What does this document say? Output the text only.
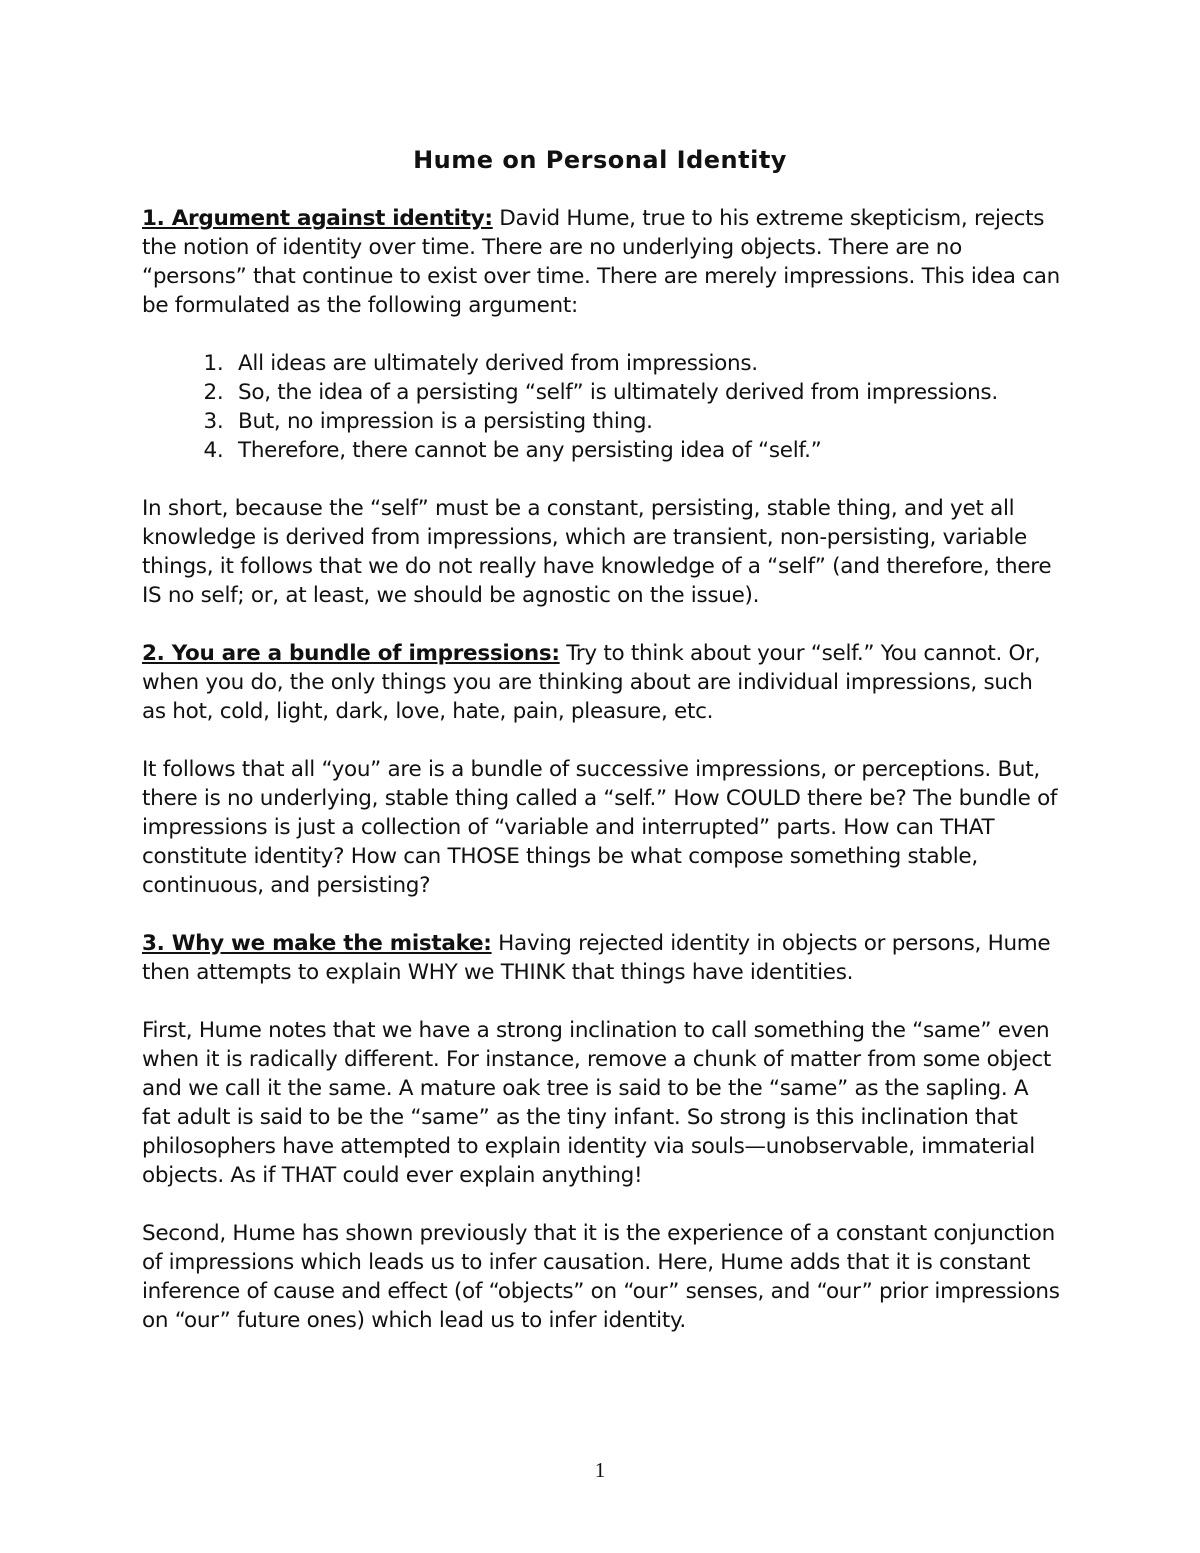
Hume on Personal Identity

1. Argument against identity: David Hume, true to his extreme skepticism, rejects the notion of identity over time. There are no underlying objects. There are no “persons” that continue to exist over time. There are merely impressions. This idea can be formulated as the following argument:

1. All ideas are ultimately derived from impressions.
2. So, the idea of a persisting “self” is ultimately derived from impressions.
3. But, no impression is a persisting thing.
4. Therefore, there cannot be any persisting idea of “self.”

In short, because the “self” must be a constant, persisting, stable thing, and yet all knowledge is derived from impressions, which are transient, non-persisting, variable things, it follows that we do not really have knowledge of a “self” (and therefore, there IS no self; or, at least, we should be agnostic on the issue).

2. You are a bundle of impressions: Try to think about your “self.” You cannot. Or, when you do, the only things you are thinking about are individual impressions, such as hot, cold, light, dark, love, hate, pain, pleasure, etc.

It follows that all “you” are is a bundle of successive impressions, or perceptions. But, there is no underlying, stable thing called a “self.” How COULD there be? The bundle of impressions is just a collection of “variable and interrupted” parts. How can THAT constitute identity? How can THOSE things be what compose something stable, continuous, and persisting?

3. Why we make the mistake: Having rejected identity in objects or persons, Hume then attempts to explain WHY we THINK that things have identities.

First, Hume notes that we have a strong inclination to call something the “same” even when it is radically different. For instance, remove a chunk of matter from some object and we call it the same. A mature oak tree is said to be the “same” as the sapling. A fat adult is said to be the “same” as the tiny infant. So strong is this inclination that philosophers have attempted to explain identity via souls—unobservable, immaterial objects. As if THAT could ever explain anything!

Second, Hume has shown previously that it is the experience of a constant conjunction of impressions which leads us to infer causation. Here, Hume adds that it is constant inference of cause and effect (of “objects” on “our” senses, and “our” prior impressions on “our” future ones) which lead us to infer identity.

1
